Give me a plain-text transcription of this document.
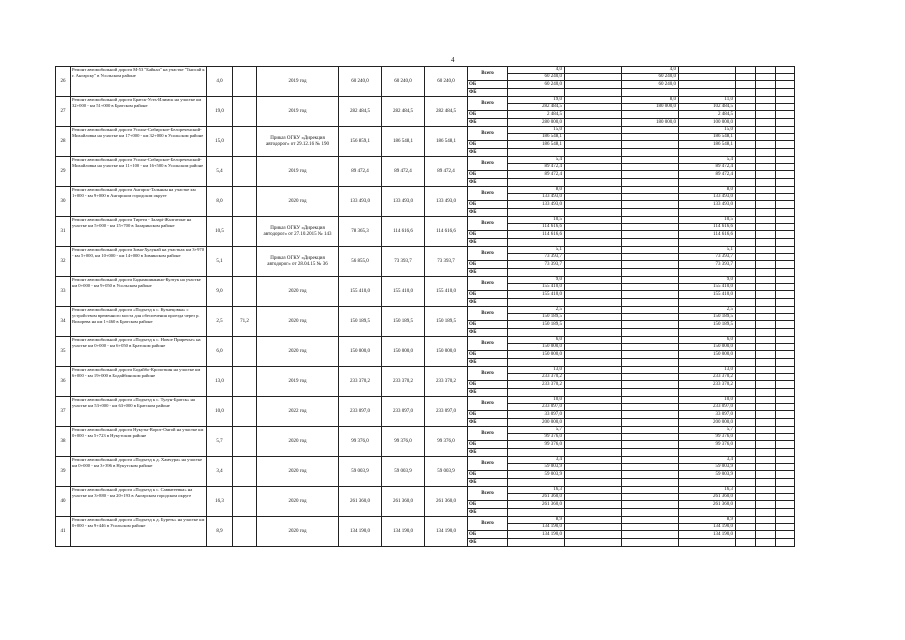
4
26	Ремонт автомобильной дороги М-53 "Байкал" на участке "Тыпсай к г. Ангарску" в Усольском районе	4,0		2019 год	60 240,0	60 240,0	60 240,0	Всего	4,0		4,0				
									60 240,0		60 240,0				
								ОБ	60 240,0		60 240,0				
								ФБ							
27	Ремонт автомобильной дороги Братск-Усть-Илимск на участке км 32+000 - км 51+000 в Братском районе	19,0		2019 год	282 484,5	282 484,5	282 484,5	Всего	19,0		8,0	11,0			
									282 484,5		180 000,0	102 484,5			
								ОБ	2 484,5			2 484,5			
								ФБ	280 000,0		180 000,0	100 000,0			
28	Ремонт автомобильной дороги Усолье-Сибирское-Белореченский-Михайловка на участке км 17+000 - км 32+000 в Усольском районе	15,0		Приказ ОГКУ «Дирекция автодорог» от 29.12.16 № 190	156 859,1	186 548,1	186 548,1	Всего	15,0			15,0			
									186 548,1			186 548,1			
								ОБ	186 548,1			186 548,1			
								ФБ							
29	Ремонт автомобильной дороги Усолье-Сибирское-Белореченский-Михайловка на участке км 11+100 - км 16+500 в Усольском районе	5,4		2019 год	89 472,4	89 472,4	89 472,4	Всего	5,4			5,4			
									89 472,4			89 472,4			
								ОБ	89 472,4			89 472,4			
								ФБ							
30	Ремонт автомобильной дороги Ангарск-Тальяны на участке км 1+000 - км 9+000 в Ангарском городском округе	8,0		2020 год	133 493,0	133 493,0	133 493,0	Всего	8,0			8,0			
									133 493,0			133 493,0			
								ОБ	133 493,0			133 493,0			
								ФБ							
31	Ремонт автомобильной дороги Тирети - Заларі-Жалгатоне на участке км 5+000 - км 15+700 в Заларинском районе	10,5		Приказ ОГКУ «Дирекция автодорог» от 27.10.2015 № 143	78 365,3	114 616,6	114 616,6	Всего	10,5			10,5			
									114 616,6			114 616,6			
								ОБ	114 616,6			114 616,6			
								ФБ							
32	Ремонт автомобильной дороги Зима-Хулунай на участках км 3+970 - км 5+000, км 10+000 - км 14+000 в Зиминском районе	5,1		Приказ ОГКУ «Дирекция автодорог» от 28.04.15 № 36	56 855,0	73 393,7	73 393,7	Всего	5,1			5,1			
									73 393,7			73 393,7			
								ОБ	73 393,7			73 393,7			
								ФБ							
33	Ремонт автомобильной дороги Бадымшинкино-Култук на участке км 0+000 - км 9+050 в Усольском районе	9,0		2020 год	155 410,0	155 410,0	155 410,0	Всего	9,0			9,0			
									155 410,0			155 410,0			
								ОБ	155 410,0			155 410,0			
								ФБ							
34	Ремонт автомобильной дороги «Подъезд к с. Кузнецовка» с устройством временного моста для обеспечения проезда через р. Вихорева на км 1+460 в Братском районе	2,5	71,2	2020 год	150 189,5	150 189,5	150 189,5	Всего	2,5			2,5			
									150 189,5			150 189,5			
								ОБ	150 189,5			150 189,5			
								ФБ							
35	Ремонт автомобильной дороги «Подъезд к с. Новое Приречье» на участке км 0+000 - км 6+050 в Братском районе	6,0		2020 год	150 000,0	150 000,0	150 000,0	Всего	6,0			6,0			
									150 000,0			150 000,0			
								ОБ	150 000,0			150 000,0			
								ФБ							
36	Ремонт автомобильной дороги Бодайбо-Кропоткин на участке км 6+000 - км 19+000 в Бодайбинском районе	13,0		2019 год	233 370,2	233 370,2	233 370,2	Всего	13,0			13,0			
									233 370,2			233 370,2			
								ОБ	233 370,2			233 370,2			
								ФБ							
37	Ремонт автомобильной дороги «Подъезд к с. Тулун-Братск» на участке км 53+000 - км 63+000 в Братском районе	10,0		2022 год	233 097,0	233 097,0	233 097,0	Всего	10,0			10,0			
									233 097,0			233 097,0			
								ОБ	33 097,0			33 097,0			
								ФБ	200 000,0			200 000,0			
38	Ремонт автомобильной дороги Нукуты-Ворот-Онгой на участке км 0+000 - км 5+723 в Нукутском районе	5,7		2020 год	99 376,0	99 376,0	99 376,0	Всего	5,7			5,7			
									99 376,0			99 376,0			
								ОБ	99 376,0			99 376,0			
								ФБ							
39	Ремонт автомобильной дороги «Подъезд к д. Хамчура» на участке км 0+000 - км 3+396 в Нукутском районе	3,4		2020 год	59 003,9	59 003,9	59 003,9	Всего	3,4			3,4			
									59 003,9			59 003,9			
								ОБ	59 003,9			59 003,9			
								ФБ							
40	Ремонт автомобильной дороги «Подъезд к с. Савватеевка» на участке км 3+880 - км 20+193 в Ангарском городском округе	16,3		2020 год	261 360,0	261 360,0	261 360,0	Всего	16,3			16,3			
									261 360,0			261 360,0			
								ОБ	261 360,0			261 360,0			
								ФБ							
41	Ремонт автомобильной дороги «Подъезд к д. Буреть» на участке км 0+000 - км 9+446 в Усольском районе	8,9		2020 год	134 190,0	134 190,0	134 190,0	Всего	8,9			8,9			
									134 190,0			134 190,0			
								ОБ	134 190,0			134 190,0			
								ФБ							
